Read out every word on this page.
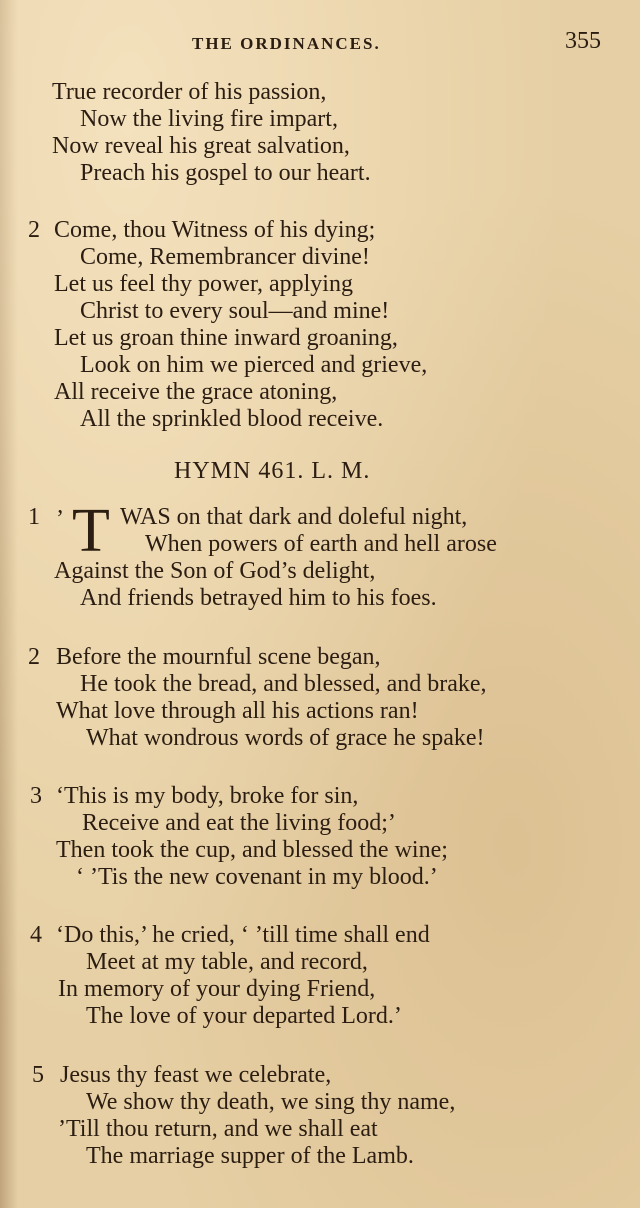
THE ORDINANCES.	355
True recorder of his passion,
Now the living fire impart,
Now reveal his great salvation,
Preach his gospel to our heart.
2 Come, thou Witness of his dying;
Come, Remembrancer divine!
Let us feel thy power, applying
Christ to every soul—and mine!
Let us groan thine inward groaning,
Look on him we pierced and grieve,
All receive the grace atoning,
All the sprinkled blood receive.
HYMN 461. L. M.
1 ’ T WAS on that dark and doleful night,
When powers of earth and hell arose
Against the Son of God’s delight,
And friends betrayed him to his foes.
2 Before the mournful scene began,
He took the bread, and blessed, and brake,
What love through all his actions ran!
What wondrous words of grace he spake!
3 ‘This is my body, broke for sin,
Receive and eat the living food;’
Then took the cup, and blessed the wine;
‘ ’Tis the new covenant in my blood.’
4 ‘Do this,’ he cried, ‘ ’till time shall end
Meet at my table, and record,
In memory of your dying Friend,
The love of your departed Lord.’
5 Jesus thy feast we celebrate,
We show thy death, we sing thy name,
’Till thou return, and we shall eat
The marriage supper of the Lamb.
